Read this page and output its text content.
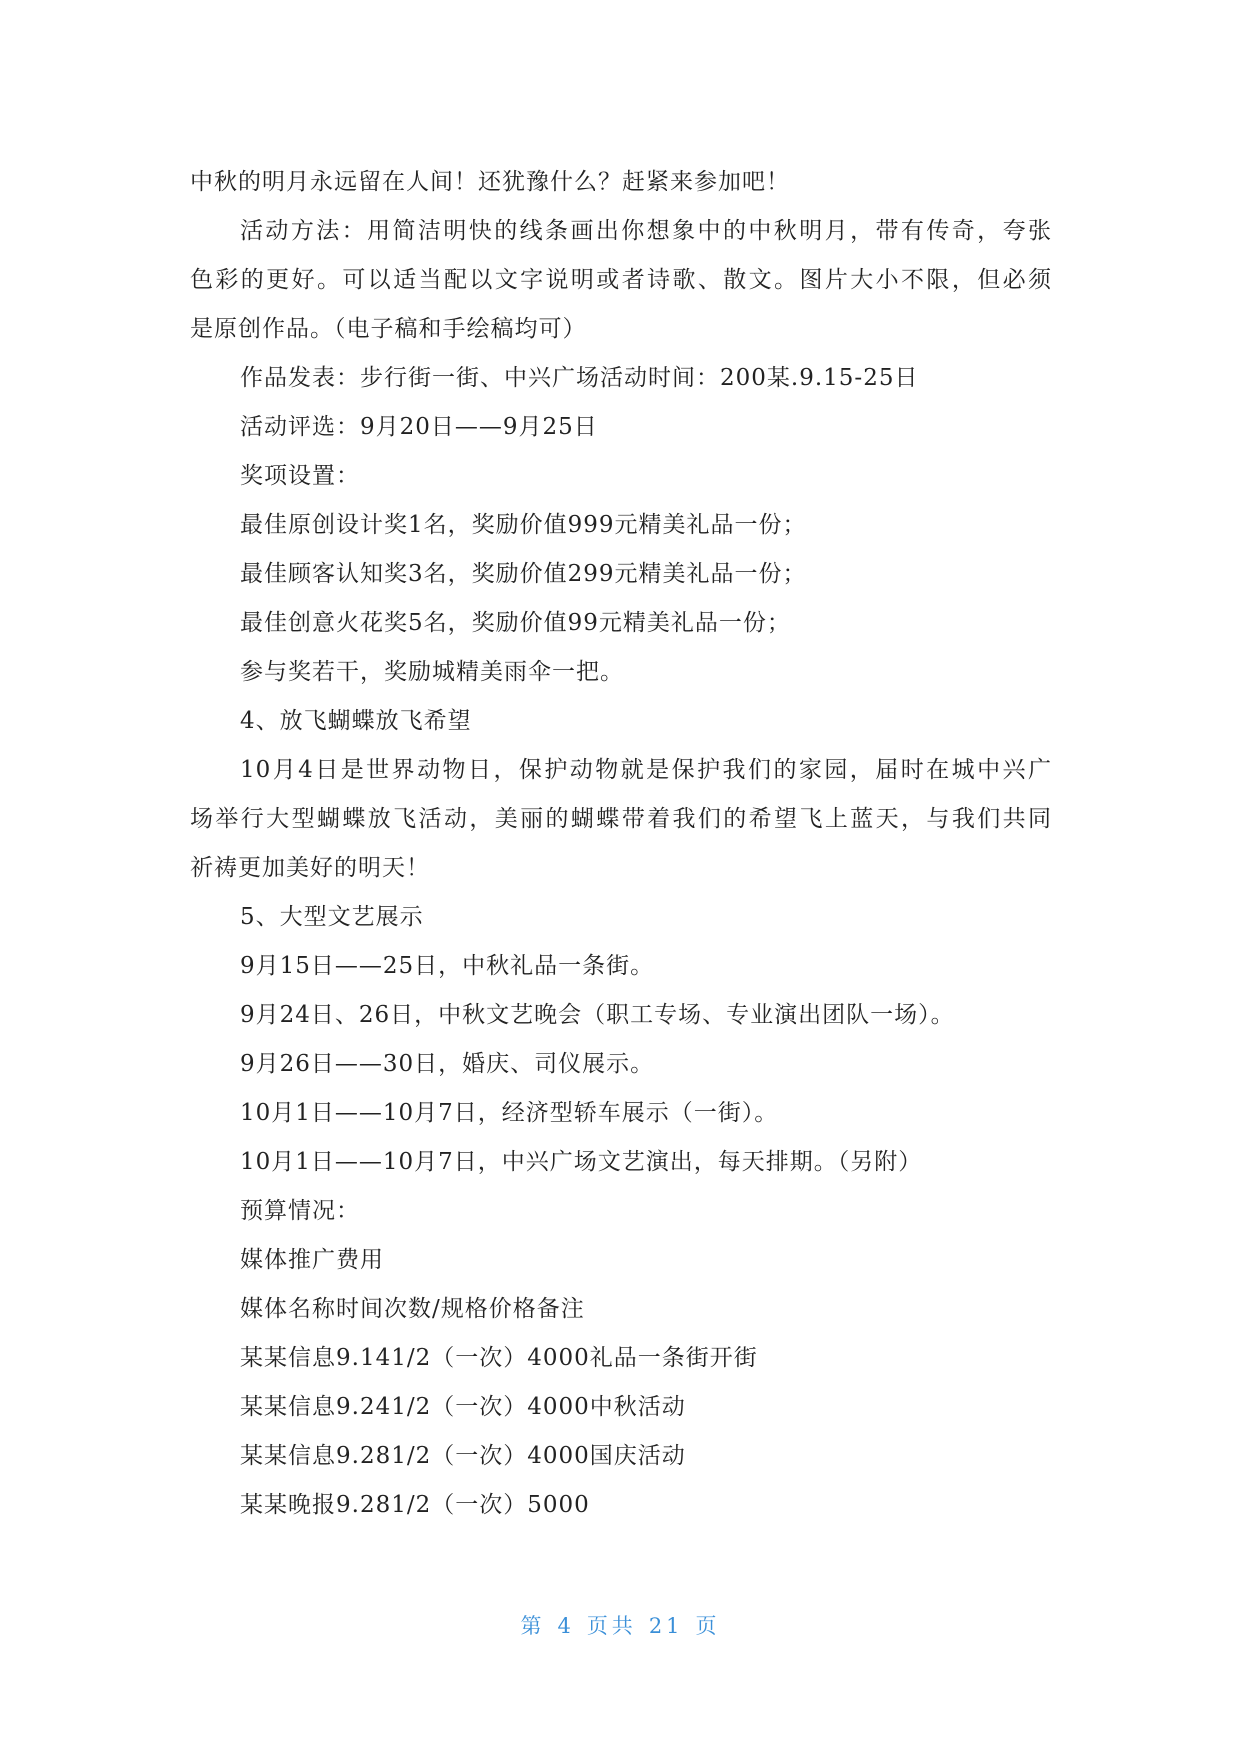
中秋的明月永远留在人间！还犹豫什么？赶紧来参加吧！
活动方法：用简洁明快的线条画出你想象中的中秋明月，带有传奇，夸张
色彩的更好。可以适当配以文字说明或者诗歌、散文。图片大小不限，但必须
是原创作品。（电子稿和手绘稿均可）
作品发表：步行街一街、中兴广场活动时间：200某.9.15-25日
活动评选：9月20日——9月25日
奖项设置：
最佳原创设计奖1名，奖励价值999元精美礼品一份；
最佳顾客认知奖3名，奖励价值299元精美礼品一份；
最佳创意火花奖5名，奖励价值99元精美礼品一份；
参与奖若干，奖励城精美雨伞一把。
4、放飞蝴蝶放飞希望
10月4日是世界动物日，保护动物就是保护我们的家园，届时在城中兴广
场举行大型蝴蝶放飞活动，美丽的蝴蝶带着我们的希望飞上蓝天，与我们共同
祈祷更加美好的明天！
5、大型文艺展示
9月15日——25日，中秋礼品一条街。
9月24日、26日，中秋文艺晚会（职工专场、专业演出团队一场）。
9月26日——30日，婚庆、司仪展示。
10月1日——10月7日，经济型轿车展示（一街）。
10月1日——10月7日，中兴广场文艺演出，每天排期。（另附）
预算情况：
媒体推广费用
媒体名称时间次数/规格价格备注
某某信息9.141/2（一次）4000礼品一条街开街
某某信息9.241/2（一次）4000中秋活动
某某信息9.281/2（一次）4000国庆活动
某某晚报9.281/2（一次）5000
第 4 页共 21 页
